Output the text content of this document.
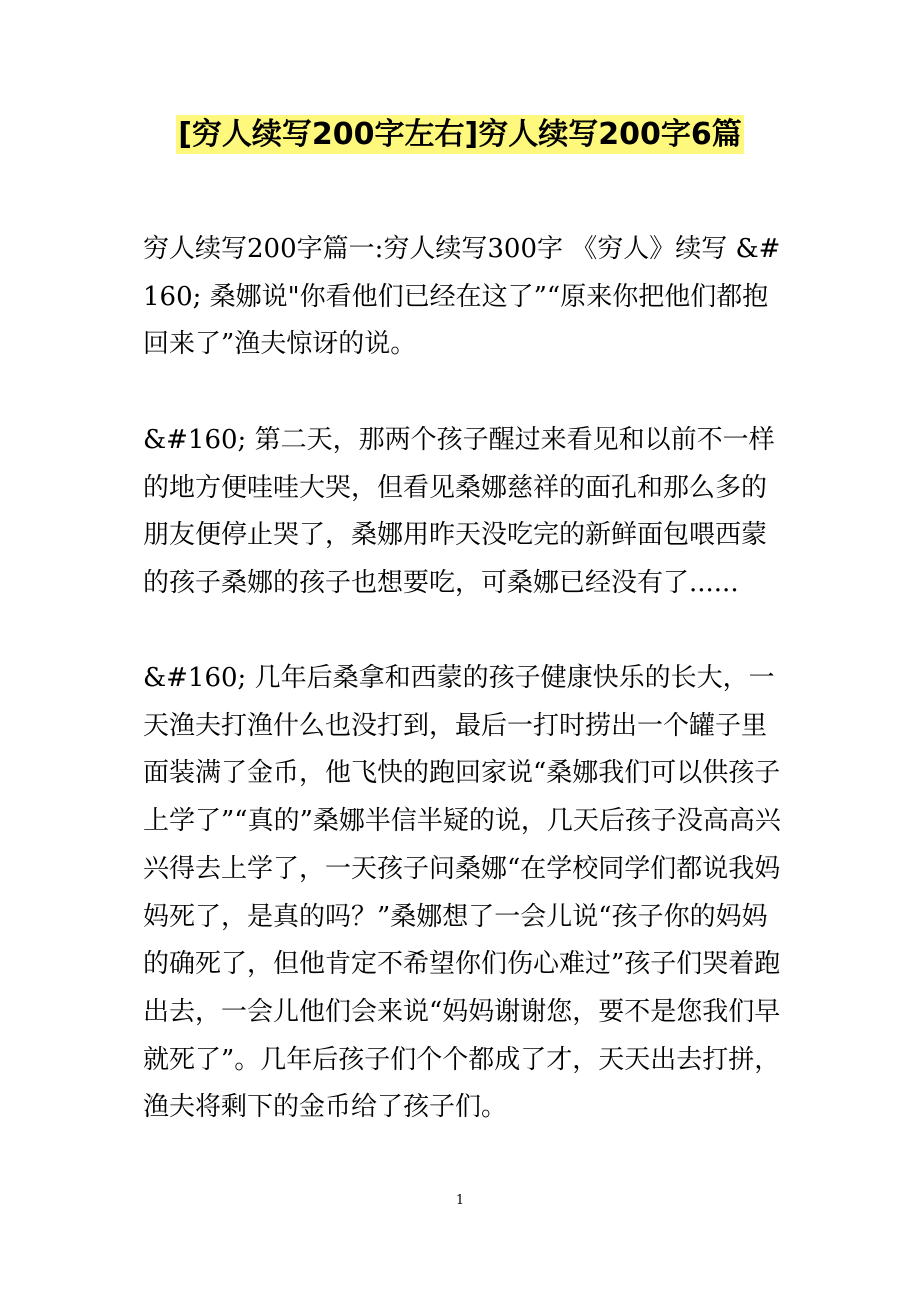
[穷人续写200字左右]穷人续写200字6篇

穷人续写200字篇一:穷人续写300字 《穷人》续写 &#160; 桑娜说"你看他们已经在这了”“原来你把他们都抱回来了”渔夫惊讶的说。

&#160; 第二天，那两个孩子醒过来看见和以前不一样的地方便哇哇大哭，但看见桑娜慈祥的面孔和那么多的朋友便停止哭了，桑娜用昨天没吃完的新鲜面包喂西蒙的孩子桑娜的孩子也想要吃，可桑娜已经没有了......

&#160; 几年后桑拿和西蒙的孩子健康快乐的长大，一天渔夫打渔什么也没打到，最后一打时捞出一个罐子里面装满了金币，他飞快的跑回家说“桑娜我们可以供孩子上学了”“真的”桑娜半信半疑的说，几天后孩子没高高兴兴得去上学了，一天孩子问桑娜“在学校同学们都说我妈妈死了，是真的吗？”桑娜想了一会儿说“孩子你的妈妈的确死了，但他肯定不希望你们伤心难过”孩子们哭着跑出去，一会儿他们会来说“妈妈谢谢您，要不是您我们早就死了”。几年后孩子们个个都成了才，天天出去打拼，渔夫将剩下的金币给了孩子们。

1
